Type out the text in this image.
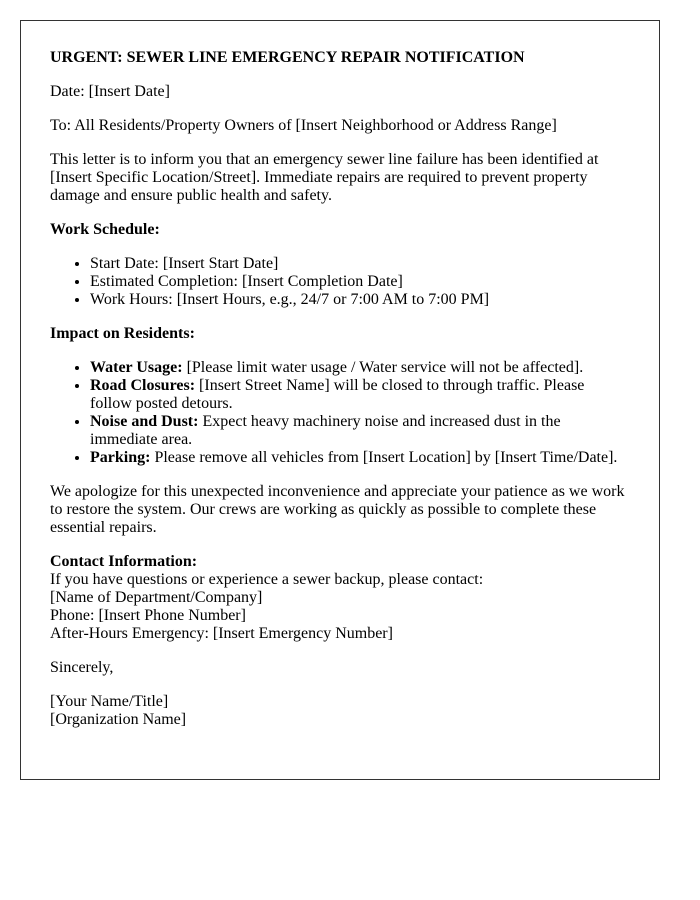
URGENT: SEWER LINE EMERGENCY REPAIR NOTIFICATION

Date: [Insert Date]

To: All Residents/Property Owners of [Insert Neighborhood or Address Range]

This letter is to inform you that an emergency sewer line failure has been identified at [Insert Specific Location/Street]. Immediate repairs are required to prevent property damage and ensure public health and safety.

Work Schedule:
• Start Date: [Insert Start Date]
• Estimated Completion: [Insert Completion Date]
• Work Hours: [Insert Hours, e.g., 24/7 or 7:00 AM to 7:00 PM]
Impact on Residents:
• Water Usage: [Please limit water usage / Water service will not be affected].
• Road Closures: [Insert Street Name] will be closed to through traffic. Please follow posted detours.
• Noise and Dust: Expect heavy machinery noise and increased dust in the immediate area.
• Parking: Please remove all vehicles from [Insert Location] by [Insert Time/Date].

We apologize for this unexpected inconvenience and appreciate your patience as we work to restore the system. Our crews are working as quickly as possible to complete these essential repairs.

Contact Information:
If you have questions or experience a sewer backup, please contact:
[Name of Department/Company]
Phone: [Insert Phone Number]
After-Hours Emergency: [Insert Emergency Number]

Sincerely,

[Your Name/Title]
[Organization Name]
